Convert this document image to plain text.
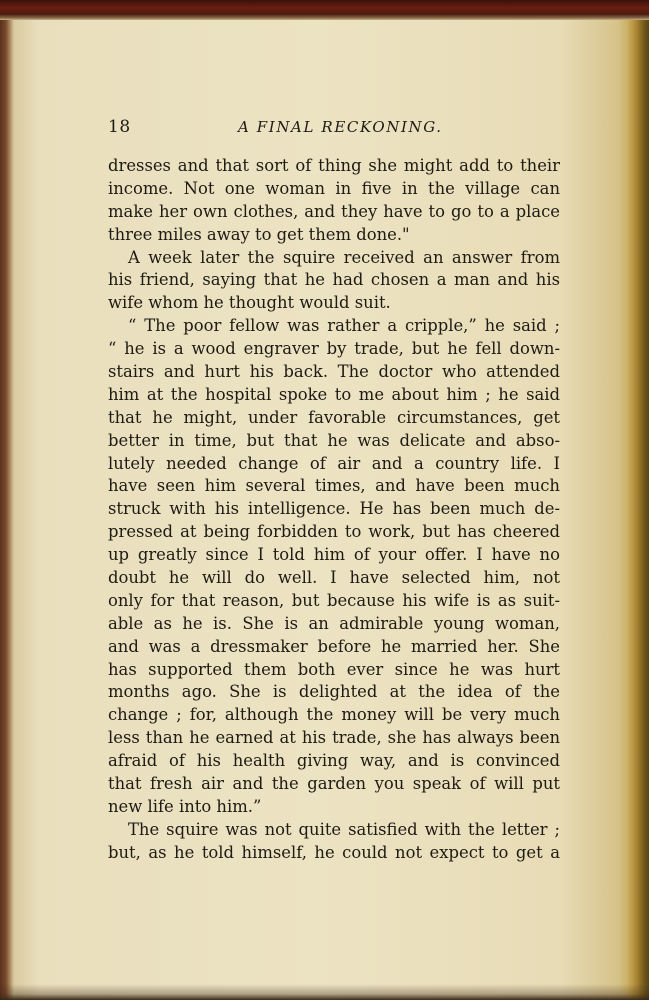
18	A FINAL RECKONING.
dresses and that sort of thing she might add to their
income. Not one woman in five in the village can
make her own clothes, and they have to go to a place
three miles away to get them done."
A week later the squire received an answer from
his friend, saying that he had chosen a man and his
wife whom he thought would suit.
“ The poor fellow was rather a cripple,” he said ;
“ he is a wood engraver by trade, but he fell down-
stairs and hurt his back. The doctor who attended
him at the hospital spoke to me about him ; he said
that he might, under favorable circumstances, get
better in time, but that he was delicate and abso-
lutely needed change of air and a country life. I
have seen him several times, and have been much
struck with his intelligence. He has been much de-
pressed at being forbidden to work, but has cheered
up greatly since I told him of your offer. I have no
doubt he will do well. I have selected him, not
only for that reason, but because his wife is as suit-
able as he is. She is an admirable young woman,
and was a dressmaker before he married her. She
has supported them both ever since he was hurt
months ago. She is delighted at the idea of the
change ; for, although the money will be very much
less than he earned at his trade, she has always been
afraid of his health giving way, and is convinced
that fresh air and the garden you speak of will put
new life into him.”
The squire was not quite satisfied with the letter ;
but, as he told himself, he could not expect to get a
